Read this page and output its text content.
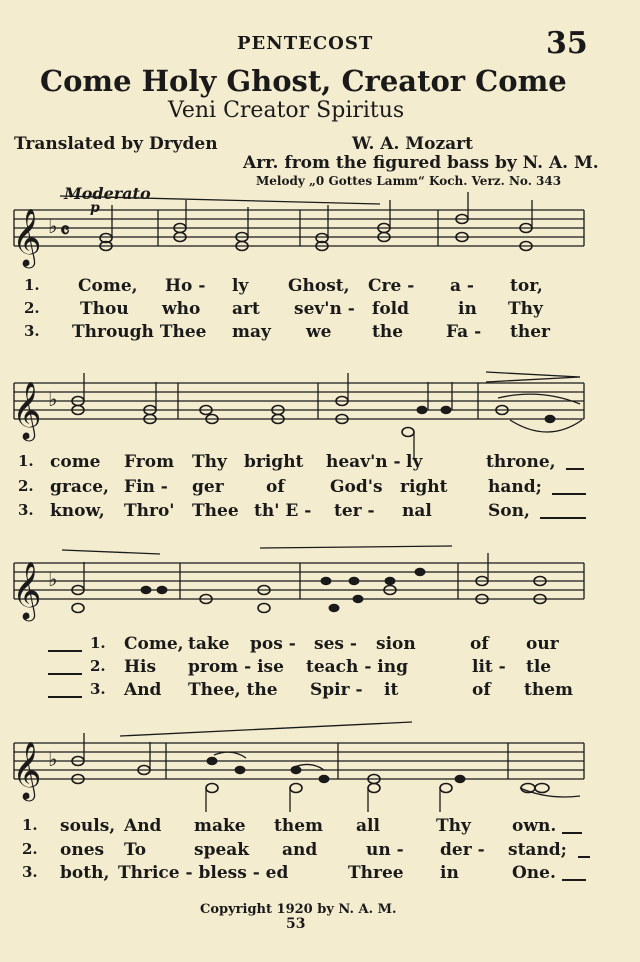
PENTECOST	35
Come Holy Ghost, Creator Come
Veni Creator Spiritus
Translated by Dryden	W. A. Mozart
Arr. from the figured bass by N. A. M.
Melody „0 Gottes Lamm“ Koch. Verz. No. 343
Moderato
p
𝄞
𝄞
𝄞
𝄞
♭
♭
♭
♭
𝄴
1. Come, Ho - ly Ghost, Cre - a - tor,
2. Thou who art sev'n - fold	in Thy
3. Through Thee may we the	Fa - ther
1. come From Thy bright heav'n - ly	throne,
2. grace, Fin - ger of	God's right hand;
3. know, Thro' Thee th' E - ter - nal	Son,
1. Come, take pos - ses - sion	of our
2. His prom - ise teach - ing	lit - tle
3. And Thee, the Spir - it	of them
1. souls, And make them all	Thy own.
2. ones To	speak and	un - der - stand;
3. both, Thrice - bless - ed	Three in	One.
Copyright 1920 by N. A. M.
53
